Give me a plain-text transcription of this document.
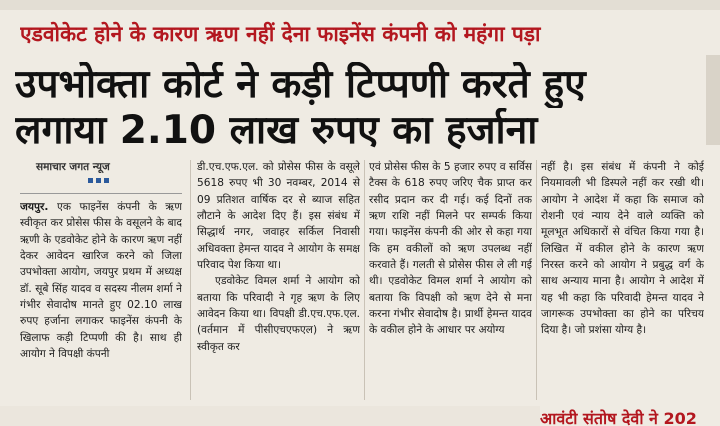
एडवोकेट होने के कारण ऋण नहीं देना फाइनेंस कंपनी को महंगा पड़ा
उपभोक्ता कोर्ट ने कड़ी टिप्पणी करते हुए
लगाया 2.10 लाख रुपए का हर्जाना
समाचार जगत न्यूज

जयपुर. एक फाइनेंस कंपनी के ऋण स्वीकृत कर प्रोसेस फीस के वसूलने के बाद ऋणी के एडवोकेट होने के कारण ऋण नहीं देकर आवेदन खारिज करने को जिला उपभोक्ता आयोग, जयपुर प्रथम में अध्यक्ष डॉ. सूबे सिंह यादव व सदस्य नीलम शर्मा ने गंभीर सेवादोष मानते हुए 02.10 लाख रुपए हर्जाना लगाकर फाइनेंस कंपनी के खिलाफ कड़ी टिप्पणी की है। साथ ही आयोग ने विपक्षी कंपनी

डी.एच.एफ.एल. को प्रोसेस फीस के वसूले 5618 रुपए भी 30 नवम्बर, 2014 से 09 प्रतिशत वार्षिक दर से ब्याज सहित लौटाने के आदेश दिए हैं। इस संबंध में सिद्धार्थ नगर, जवाहर सर्किल निवासी अधिवक्ता हेमन्त यादव ने आयोग के समक्ष परिवाद पेश किया था।

एडवोकेट विमल शर्मा ने आयोग को बताया कि परिवादी ने गृह ऋण के लिए आवेदन किया था। विपक्षी डी.एच.एफ.एल. (वर्तमान में पीसीएचएफएल) ने ऋण स्वीकृत कर

एवं प्रोसेस फीस के 5 हजार रुपए व सर्विस टैक्स के 618 रुपए जरिए चैक प्राप्त कर रसीद प्रदान कर दी गई। कई दिनों तक ऋण राशि नहीं मिलने पर सम्पर्क किया गया। फाइनेंस कंपनी की ओर से कहा गया कि हम वकीलों को ऋण उपलब्ध नहीं करवाते हैं। गलती से प्रोसेस फीस ले ली गई थी। एडवोकेट विमल शर्मा ने आयोग को बताया कि विपक्षी को ऋण देने से मना करना गंभीर सेवादोष है। प्रार्थी हेमन्त यादव के वकील होने के आधार पर अयोग्य

नहीं है। इस संबंध में कंपनी ने कोई नियमावली भी डिस्पले नहीं कर रखी थी। आयोग ने आदेश में कहा कि समाज को रोशनी एवं न्याय देने वाले व्यक्ति को मूलभूत अधिकारों से वंचित किया गया है। लिखित में वकील होने के कारण ऋण निरस्त करने को आयोग ने प्रबुद्ध वर्ग के साथ अन्याय माना है। आयोग ने आदेश में यह भी कहा कि परिवादी हेमन्त यादव ने जागरूक उपभोक्ता का होने का परिचय दिया है। जो प्रशंसा योग्य है।

आवंटी संतोष देवी ने 202
